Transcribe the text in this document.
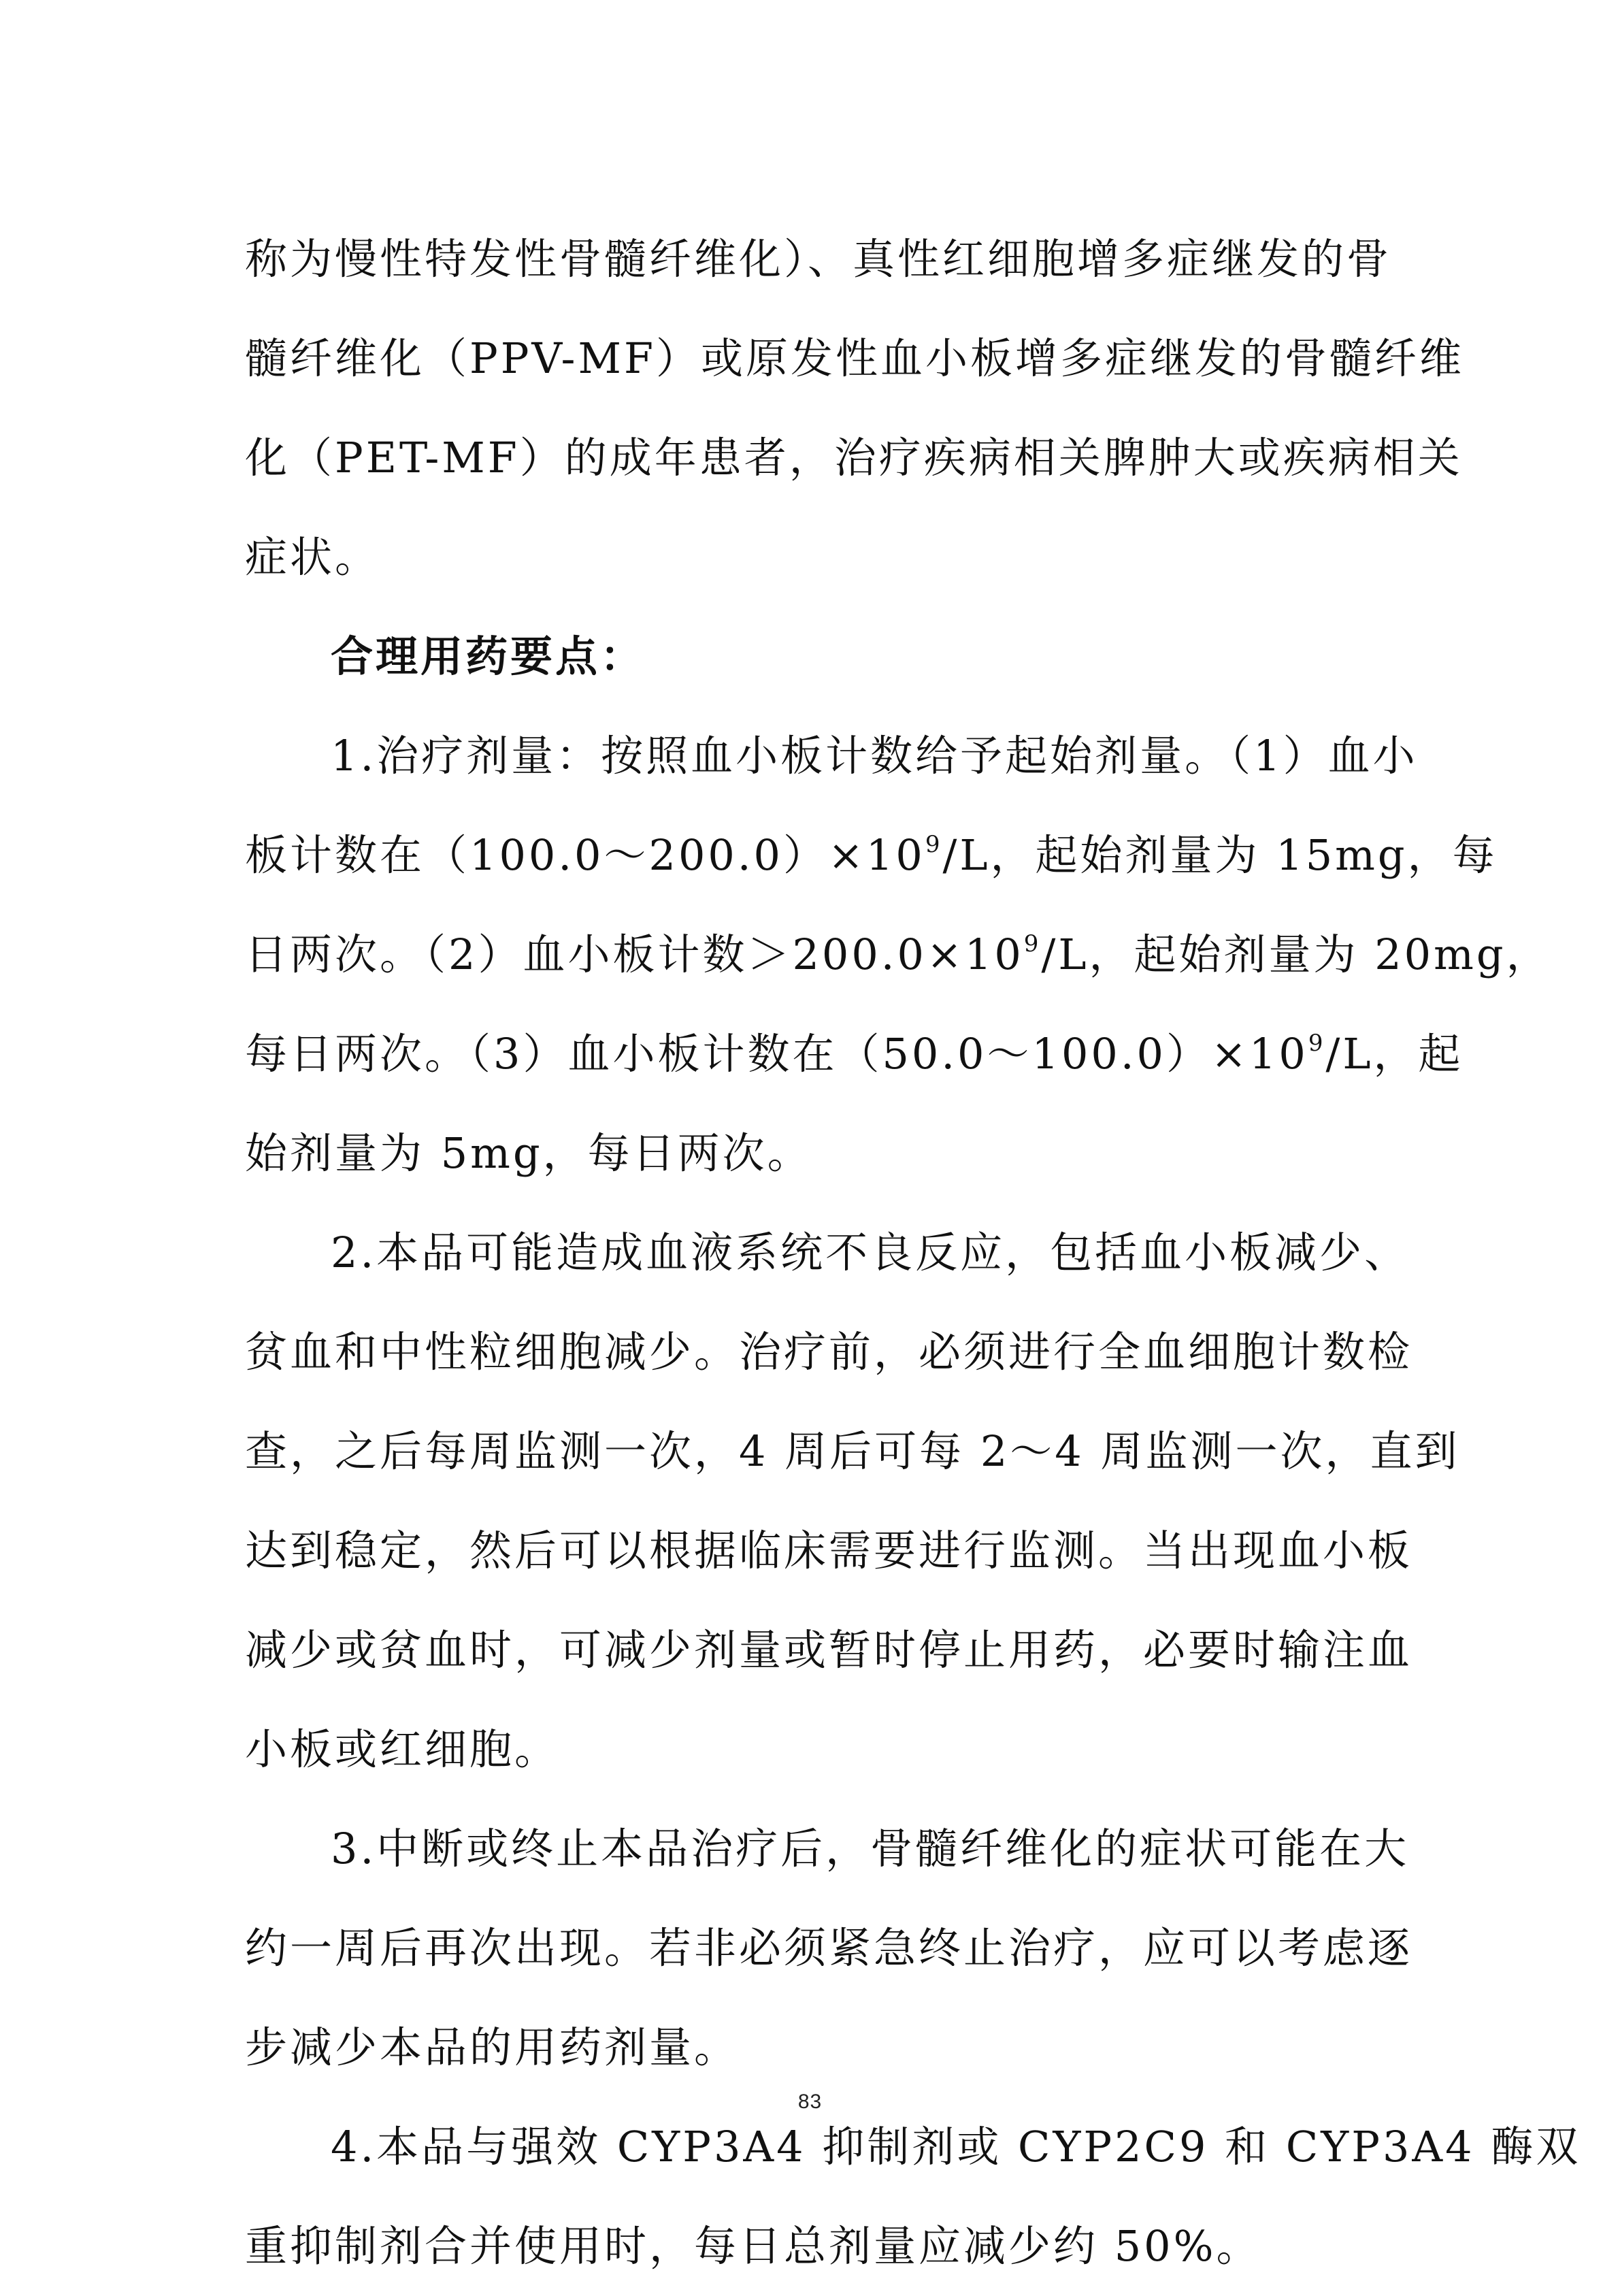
称为慢性特发性骨髓纤维化）、真性红细胞增多症继发的骨
髓纤维化（PPV-MF）或原发性血小板增多症继发的骨髓纤维
化（PET-MF）的成年患者，治疗疾病相关脾肿大或疾病相关
症状。
合理用药要点：
1.治疗剂量：按照血小板计数给予起始剂量。（1）血小
板计数在$(100.0\sim 200.0)\times 10^9/L$，起始剂量为 15mg，每
日两次。（2）血小板计数$>200.0\times 10^9/L$，起始剂量为 20mg，
每日两次。（3）血小板计数在$(50.0\sim 100.0)\times 10^9/L$，起
始剂量为 5mg，每日两次。
2.本品可能造成血液系统不良反应，包括血小板减少、
贫血和中性粒细胞减少。治疗前，必须进行全血细胞计数检
查，之后每周监测一次，4 周后可每 2～4 周监测一次，直到
达到稳定，然后可以根据临床需要进行监测。当出现血小板
减少或贫血时，可减少剂量或暂时停止用药，必要时输注血
小板或红细胞。
3.中断或终止本品治疗后，骨髓纤维化的症状可能在大
约一周后再次出现。若非必须紧急终止治疗，应可以考虑逐
步减少本品的用药剂量。
4.本品与强效 CYP3A4 抑制剂或 CYP2C9 和 CYP3A4 酶双
重抑制剂合并使用时，每日总剂量应减少约 50%。
83
